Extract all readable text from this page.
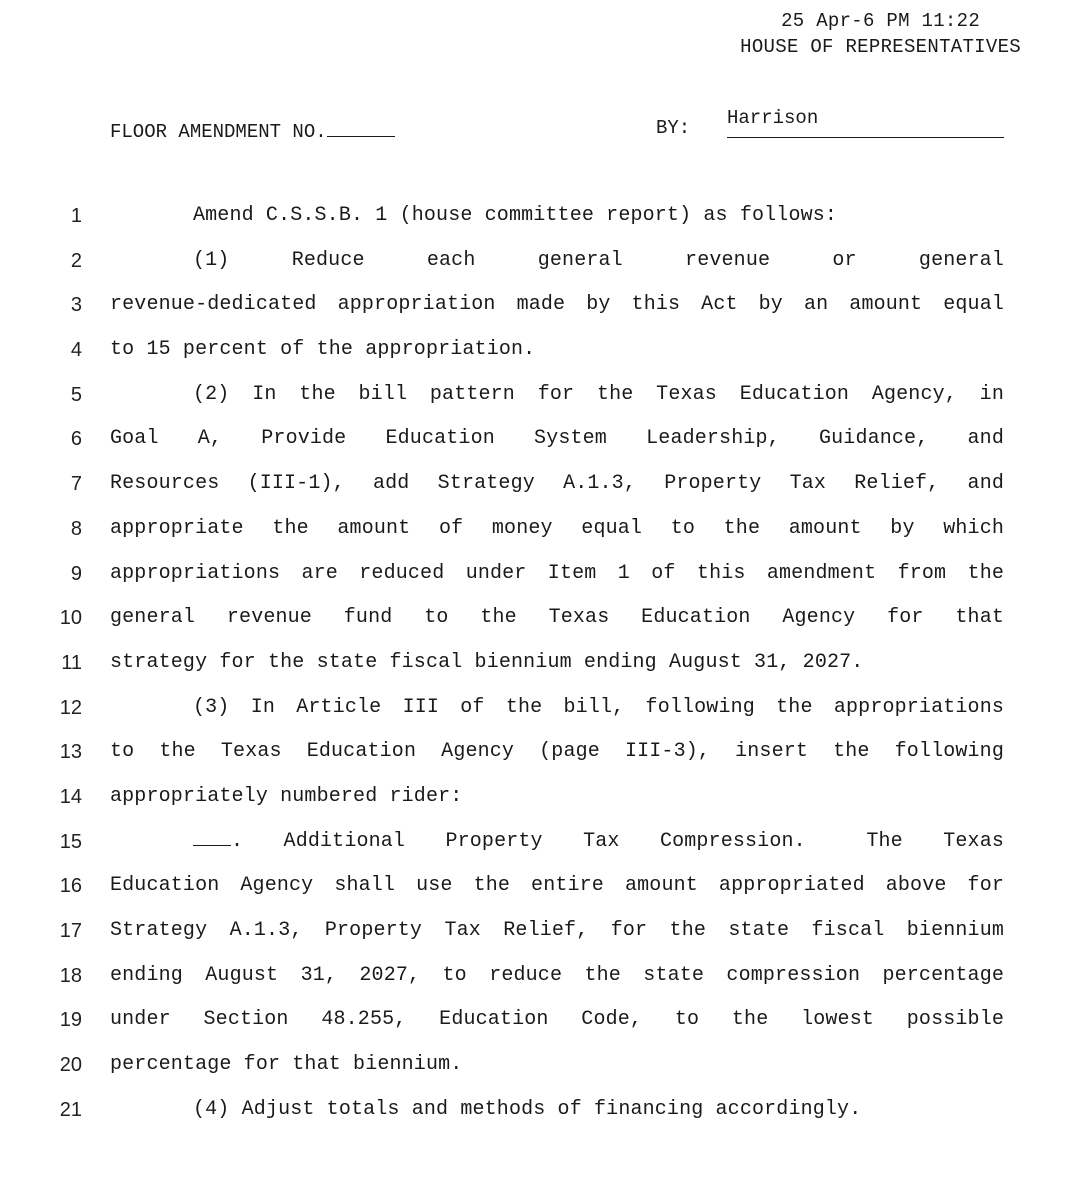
25 Apr-6 PM 11:22
HOUSE OF REPRESENTATIVES
FLOOR AMENDMENT NO.	BY: Harrison
1	Amend C.S.S.B. 1 (house committee report) as follows:
2	(1) Reduce each general revenue or general
3 revenue-dedicated appropriation made by this Act by an amount equal
4 to 15 percent of the appropriation.
5	(2) In the bill pattern for the Texas Education Agency, in
6 Goal A, Provide Education System Leadership, Guidance, and
7 Resources (III-1), add Strategy A.1.3, Property Tax Relief, and
8 appropriate the amount of money equal to the amount by which
9 appropriations are reduced under Item 1 of this amendment from the
10 general revenue fund to the Texas Education Agency for that
11 strategy for the state fiscal biennium ending August 31, 2027.
12	(3) In Article III of the bill, following the appropriations
13 to the Texas Education Agency (page III-3), insert the following
14 appropriately numbered rider:
15	.  Additional  Property  Tax  Compression.   The  Texas
16 Education Agency shall use the entire amount appropriated above for
17 Strategy A.1.3, Property Tax Relief, for the state fiscal biennium
18 ending August 31, 2027, to reduce the state compression percentage
19 under Section 48.255, Education Code, to the lowest possible
20 percentage for that biennium.
21	(4) Adjust totals and methods of financing accordingly.
